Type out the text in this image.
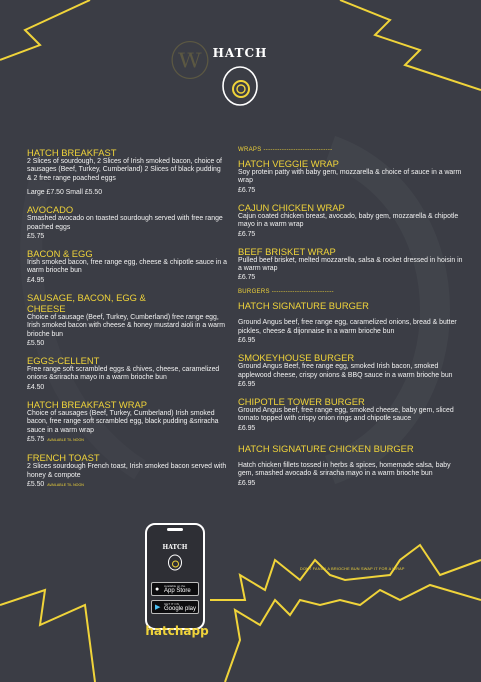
ⓦ HATCH
HATCH BREAKFAST
2 Slices of sourdough, 2 Slices of Irish smoked bacon, choice of sausages (Beef, Turkey, Cumberland) 2 Slices of black pudding & 2 free range poached eggs
Large £7.50 Small £5.50
AVOCADO
Smashed avocado on toasted sourdough served with free range poached eggs
£5.75
BACON & EGG
Irish smoked bacon, free range egg, cheese & chipotle sauce in a warm brioche bun
£4.95
SAUSAGE, BACON, EGG & CHEESE
Choice of sausage (Beef, Turkey, Cumberland) free range egg, Irish smoked bacon with cheese & honey mustard aioli in a warm brioche bun
£5.50
EGGS-CELLENT
Free range soft scrambled eggs & chives, cheese, caramelized onions &sriracha mayo in a warm brioche bun
£4.50
HATCH BREAKFAST WRAP
Choice of sausages (Beef, Turkey, Cumberland) Irish smoked bacon, free range soft scrambled egg, black pudding &sriracha sauce in a warm wrap
£5.75 AVAILABLE TIL NOON
FRENCH TOAST
2 Slices sourdough French toast, Irish smoked bacon served with honey & compote
£5.50 AVAILABLE TIL NOON
WRAPS ------------------------------
HATCH VEGGIE WRAP
Soy protein patty with baby gem, mozzarella & choice of sauce in a warm wrap
£6.75
CAJUN CHICKEN WRAP
Cajun coated chicken breast, avocado, baby gem, mozzarella & chipotle mayo in a warm wrap
£6.75
BEEF BRISKET WRAP
Pulled beef brisket, melted mozzarella, salsa & rocket dressed in hoisin in a warm wrap
£6.75
BURGERS ---------------------------
HATCH SIGNATURE BURGER
Ground Angus beef, free range egg, caramelized onions, bread & butter pickles, cheese & dijonnaise in a warm brioche bun
£6.95
SMOKEYHOUSE BURGER
Ground Angus Beef, free range egg, smoked Irish bacon, smoked applewood cheese, crispy onions & BBQ sauce in a warm brioche bun
£6.95
CHIPOTLE TOWER BURGER
Ground Angus beef, free range egg, smoked cheese, baby gem, sliced tomato topped with crispy onion rings and chipotle sauce
£6.95
HATCH SIGNATURE CHICKEN BURGER
Hatch chicken fillets tossed in herbs & spices, homemade salsa, baby gem, smashed avocado & sriracha mayo in a warm brioche bun
£6.95
DONT FANCY A BRIOCHE BUN SWAP IT FOR A WRAP
HATCH
● Available on the
App Store
▶ GET IT ON
Google play
hatchapp
